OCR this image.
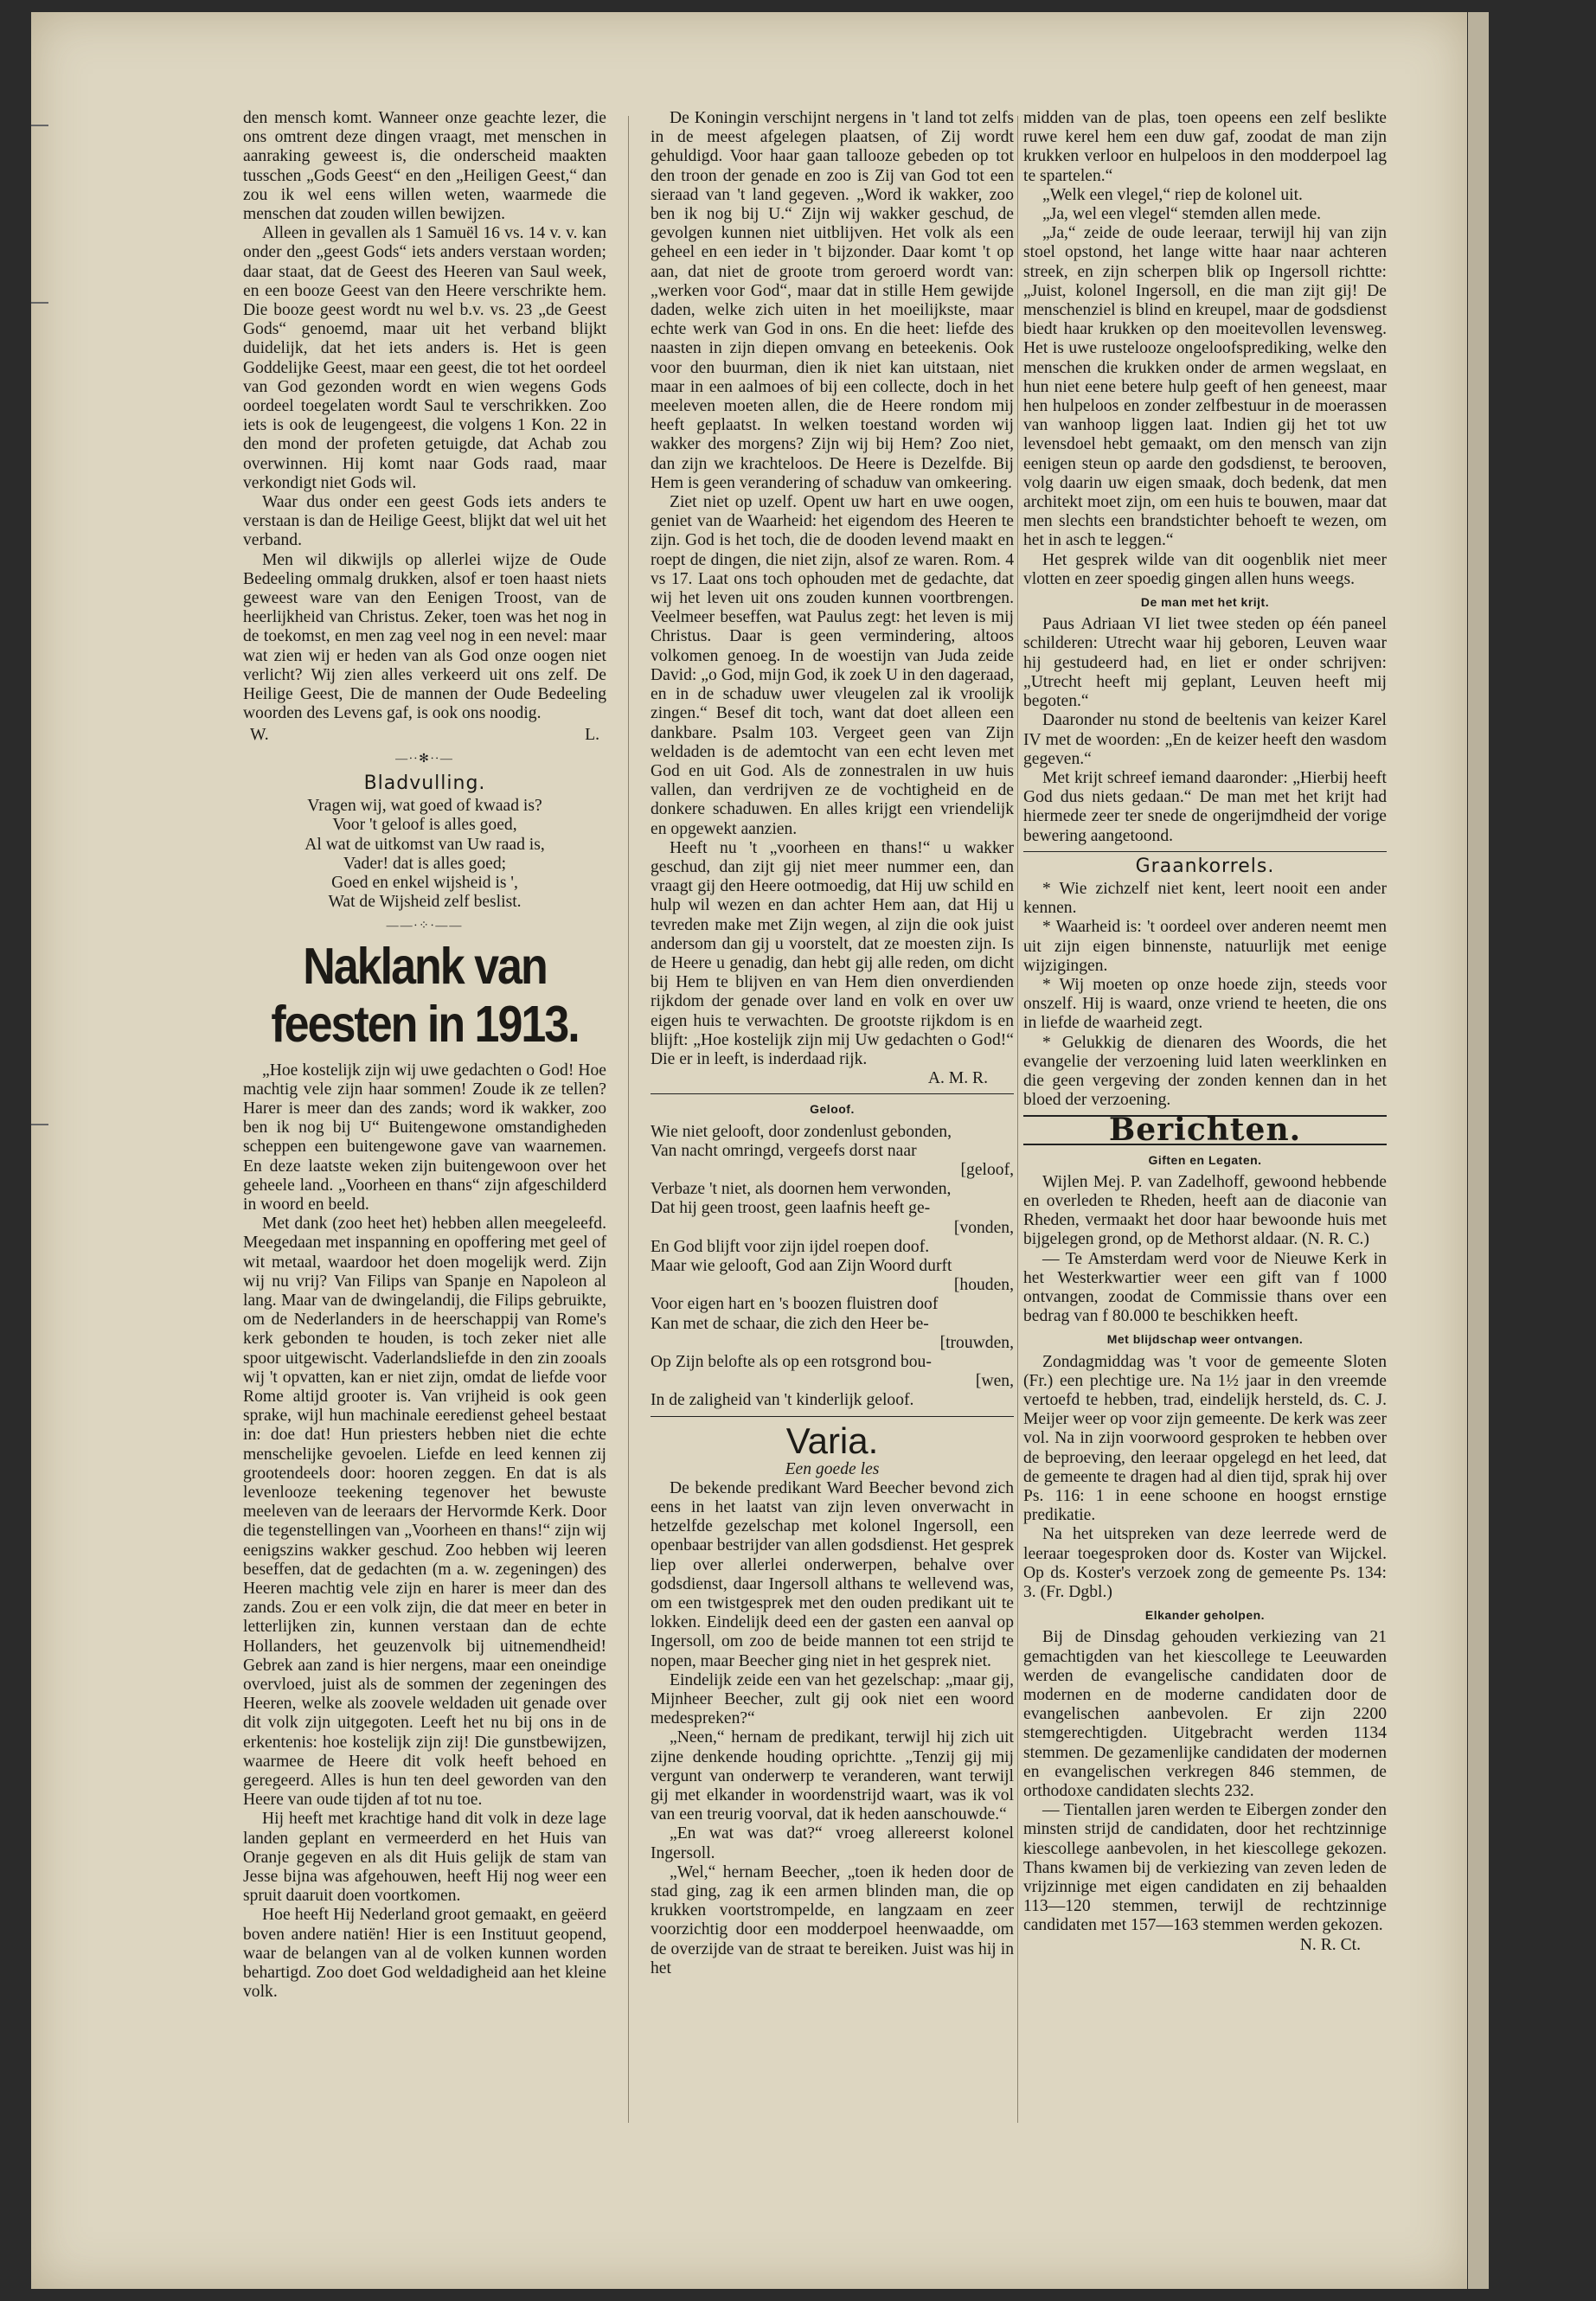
den mensch komt. Wanneer onze geachte lezer, die ons omtrent deze dingen vraagt, met menschen in aanraking geweest is, die onderscheid maakten tusschen „Gods Geest“ en den „Heiligen Geest,“ dan zou ik wel eens willen weten, waarmede die menschen dat zouden willen bewijzen.

Alleen in gevallen als 1 Samuël 16 vs. 14 v. v. kan onder den „geest Gods“ iets anders verstaan worden; daar staat, dat de Geest des Heeren van Saul week, en een booze Geest van den Heere verschrikte hem. Die booze geest wordt nu wel b.v. vs. 23 „de Geest Gods“ genoemd, maar uit het verband blijkt duidelijk, dat het iets anders is. Het is geen Goddelijke Geest, maar een geest, die tot het oordeel van God gezonden wordt en wien wegens Gods oordeel toegelaten wordt Saul te verschrikken. Zoo iets is ook de leugengeest, die volgens 1 Kon. 22 in den mond der profeten getuigde, dat Achab zou overwinnen. Hij komt naar Gods raad, maar verkondigt niet Gods wil.

Waar dus onder een geest Gods iets anders te verstaan is dan de Heilige Geest, blijkt dat wel uit het verband.

Men wil dikwijls op allerlei wijze de Oude Bedeeling ommalg drukken, alsof er toen haast niets geweest ware van den Eenigen Troost, van de heerlijkheid van Christus. Zeker, toen was het nog in de toekomst, en men zag veel nog in een nevel: maar wat zien wij er heden van als God onze oogen niet verlicht? Wij zien alles verkeerd uit ons zelf. De Heilige Geest, Die de mannen der Oude Bedeeling woorden des Levens gaf, is ook ons noodig.

W.	L.
—∙∙✻∙∙—
Bladvulling.
Vragen wij, wat goed of kwaad is?
Voor 't geloof is alles goed,
Al wat de uitkomst van Uw raad is,
Vader! dat is alles goed;
Goed en enkel wijsheid is ',
Wat de Wijsheid zelf beslist.
——∙⁘∙——
Naklank van feesten in 1913.

„Hoe kostelijk zijn wij uwe gedachten o God! Hoe machtig vele zijn haar sommen! Zoude ik ze tellen? Harer is meer dan des zands; word ik wakker, zoo ben ik nog bij U“ Buitengewone omstandigheden scheppen een buitengewone gave van waarnemen. En deze laatste weken zijn buitengewoon over het geheele land. „Voorheen en thans“ zijn afgeschilderd in woord en beeld.

Met dank (zoo heet het) hebben allen meegeleefd. Meegedaan met inspanning en opoffering met geel of wit metaal, waardoor het doen mogelijk werd. Zijn wij nu vrij? Van Filips van Spanje en Napoleon al lang. Maar van de dwingelandij, die Filips gebruikte, om de Nederlanders in de heerschappij van Rome's kerk gebonden te houden, is toch zeker niet alle spoor uitgewischt. Vaderlandsliefde in den zin zooals wij 't opvatten, kan er niet zijn, omdat de liefde voor Rome altijd grooter is. Van vrijheid is ook geen sprake, wijl hun machinale eeredienst geheel bestaat in: doe dat! Hun priesters hebben niet die echte menschelijke gevoelen. Liefde en leed kennen zij grootendeels door: hooren zeggen. En dat is als levenlooze teekening tegenover het bewuste meeleven van de leeraars der Hervormde Kerk. Door die tegenstellingen van „Voorheen en thans!“ zijn wij eenigszins wakker geschud. Zoo hebben wij leeren beseffen, dat de gedachten (m a. w. zegeningen) des Heeren machtig vele zijn en harer is meer dan des zands. Zou er een volk zijn, die dat meer en beter in letterlijken zin, kunnen verstaan dan de echte Hollanders, het geuzenvolk bij uitnemendheid! Gebrek aan zand is hier nergens, maar een oneindige overvloed, juist als de sommen der zegeningen des Heeren, welke als zoovele weldaden uit genade over dit volk zijn uitgegoten. Leeft het nu bij ons in de erkentenis: hoe kostelijk zijn zij! Die gunstbewijzen, waarmee de Heere dit volk heeft behoed en geregeerd. Alles is hun ten deel geworden van den Heere van oude tijden af tot nu toe.

Hij heeft met krachtige hand dit volk in deze lage landen geplant en vermeerderd en het Huis van Oranje gegeven en als dit Huis gelijk de stam van Jesse bijna was afgehouwen, heeft Hij nog weer een spruit daaruit doen voortkomen.

Hoe heeft Hij Nederland groot gemaakt, en geëerd boven andere natiën! Hier is een Instituut geopend, waar de belangen van al de volken kunnen worden behartigd. Zoo doet God weldadigheid aan het kleine volk.

De Koningin verschijnt nergens in 't land tot zelfs in de meest afgelegen plaatsen, of Zij wordt gehuldigd. Voor haar gaan tallooze gebeden op tot den troon der genade en zoo is Zij van God tot een sieraad van 't land gegeven. „Word ik wakker, zoo ben ik nog bij U.“ Zijn wij wakker geschud, de gevolgen kunnen niet uitblijven. Het volk als een geheel en een ieder in 't bijzonder. Daar komt 't op aan, dat niet de groote trom geroerd wordt van: „werken voor God“, maar dat in stille Hem gewijde daden, welke zich uiten in het moeilijkste, maar echte werk van God in ons. En die heet: liefde des naasten in zijn diepen omvang en beteekenis. Ook voor den buurman, dien ik niet kan uitstaan, niet maar in een aalmoes of bij een collecte, doch in het meeleven moeten allen, die de Heere rondom mij heeft geplaatst. In welken toestand worden wij wakker des morgens? Zijn wij bij Hem? Zoo niet, dan zijn we krachteloos. De Heere is Dezelfde. Bij Hem is geen verandering of schaduw van omkeering.

Ziet niet op uzelf. Opent uw hart en uwe oogen, geniet van de Waarheid: het eigendom des Heeren te zijn. God is het toch, die de dooden levend maakt en roept de dingen, die niet zijn, alsof ze waren. Rom. 4 vs 17. Laat ons toch ophouden met de gedachte, dat wij het leven uit ons zouden kunnen voortbrengen. Veelmeer beseffen, wat Paulus zegt: het leven is mij Christus. Daar is geen vermindering, altoos volkomen genoeg. In de woestijn van Juda zeide David: „o God, mijn God, ik zoek U in den dageraad, en in de schaduw uwer vleugelen zal ik vroolijk zingen.“ Besef dit toch, want dat doet alleen een dankbare. Psalm 103. Vergeet geen van Zijn weldaden is de ademtocht van een echt leven met God en uit God. Als de zonnestralen in uw huis vallen, dan verdrijven ze de vochtigheid en de donkere schaduwen. En alles krijgt een vriendelijk en opgewekt aanzien.

Heeft nu 't „voorheen en thans!“ u wakker geschud, dan zijt gij niet meer nummer een, dan vraagt gij den Heere ootmoedig, dat Hij uw schild en hulp wil wezen en dan achter Hem aan, dat Hij u tevreden make met Zijn wegen, al zijn die ook juist andersom dan gij u voorstelt, dat ze moesten zijn. Is de Heere u genadig, dan hebt gij alle reden, om dicht bij Hem te blijven en van Hem dien onverdienden rijkdom der genade over land en volk en over uw eigen huis te verwachten. De grootste rijkdom is en blijft: „Hoe kostelijk zijn mij Uw gedachten o God!“ Die er in leeft, is inderdaad rijk.

A. M. R.
Geloof.
Wie niet gelooft, door zondenlust gebonden,
Van nacht omringd, vergeefs dorst naar
[geloof,
Verbaze 't niet, als doornen hem verwonden,
Dat hij geen troost, geen laafnis heeft ge-
[vonden,
En God blijft voor zijn ijdel roepen doof.
Maar wie gelooft, God aan Zijn Woord durft
[houden,
Voor eigen hart en 's boozen fluistren doof
Kan met de schaar, die zich den Heer be-
[trouwden,
Op Zijn belofte als op een rotsgrond bou-
[wen,
In de zaligheid van 't kinderlijk geloof.
Varia.

Een goede les

De bekende predikant Ward Beecher bevond zich eens in het laatst van zijn leven onverwacht in hetzelfde gezelschap met kolonel Ingersoll, een openbaar bestrijder van allen godsdienst. Het gesprek liep over allerlei onderwerpen, behalve over godsdienst, daar Ingersoll althans te wellevend was, om een twistgesprek met den ouden predikant uit te lokken. Eindelijk deed een der gasten een aanval op Ingersoll, om zoo de beide mannen tot een strijd te nopen, maar Beecher ging niet in het gesprek niet.

Eindelijk zeide een van het gezelschap: „maar gij, Mijnheer Beecher, zult gij ook niet een woord medespreken?“

„Neen,“ hernam de predikant, terwijl hij zich uit zijne denkende houding oprichtte. „Tenzij gij mij vergunt van onderwerp te veranderen, want terwijl gij met elkander in woordenstrijd waart, was ik vol van een treurig voorval, dat ik heden aanschouwde.“

„En wat was dat?“ vroeg allereerst kolonel Ingersoll.

„Wel,“ hernam Beecher, „toen ik heden door de stad ging, zag ik een armen blinden man, die op krukken voortstrompelde, en langzaam en zeer voorzichtig door een modderpoel heenwaadde, om de overzijde van de straat te bereiken. Juist was hij in het

midden van de plas, toen opeens een zelf beslikte ruwe kerel hem een duw gaf, zoodat de man zijn krukken verloor en hulpeloos in den modderpoel lag te spartelen.“

„Welk een vlegel,“ riep de kolonel uit.

„Ja, wel een vlegel“ stemden allen mede.

„Ja,“ zeide de oude leeraar, terwijl hij van zijn stoel opstond, het lange witte haar naar achteren streek, en zijn scherpen blik op Ingersoll richtte: „Juist, kolonel Ingersoll, en die man zijt gij! De menschenziel is blind en kreupel, maar de godsdienst biedt haar krukken op den moeitevollen levensweg. Het is uwe rustelooze ongeloofsprediking, welke den menschen die krukken onder de armen wegslaat, en hun niet eene betere hulp geeft of hen geneest, maar hen hulpeloos en zonder zelfbestuur in de moerassen van wanhoop liggen laat. Indien gij het tot uw levensdoel hebt gemaakt, om den mensch van zijn eenigen steun op aarde den godsdienst, te berooven, volg daarin uw eigen smaak, doch bedenk, dat men architekt moet zijn, om een huis te bouwen, maar dat men slechts een brandstichter behoeft te wezen, om het in asch te leggen.“

Het gesprek wilde van dit oogenblik niet meer vlotten en zeer spoedig gingen allen huns weegs.

De man met het krijt.

Paus Adriaan VI liet twee steden op één paneel schilderen: Utrecht waar hij geboren, Leuven waar hij gestudeerd had, en liet er onder schrijven: „Utrecht heeft mij geplant, Leuven heeft mij begoten.“

Daaronder nu stond de beeltenis van keizer Karel IV met de woorden: „En de keizer heeft den wasdom gegeven.“

Met krijt schreef iemand daaronder: „Hierbij heeft God dus niets gedaan.“ De man met het krijt had hiermede zeer ter snede de ongerijmdheid der vorige bewering aangetoond.

Graankorrels.

* Wie zichzelf niet kent, leert nooit een ander kennen.

* Waarheid is: 't oordeel over anderen neemt men uit zijn eigen binnenste, natuurlijk met eenige wijzigingen.

* Wij moeten op onze hoede zijn, steeds voor onszelf. Hij is waard, onze vriend te heeten, die ons in liefde de waarheid zegt.

* Gelukkig de dienaren des Woords, die het evangelie der verzoening luid laten weerklinken en die geen vergeving der zonden kennen dan in het bloed der verzoening.

Berichten.
Giften en Legaten.

Wijlen Mej. P. van Zadelhoff, gewoond hebbende en overleden te Rheden, heeft aan de diaconie van Rheden, vermaakt het door haar bewoonde huis met bijgelegen grond, op de Methorst aldaar. (N. R. C.)

— Te Amsterdam werd voor de Nieuwe Kerk in het Westerkwartier weer een gift van f 1000 ontvangen, zoodat de Commissie thans over een bedrag van f 80.000 te beschikken heeft.

Met blijdschap weer ontvangen.

Zondagmiddag was 't voor de gemeente Sloten (Fr.) een plechtige ure. Na 1½ jaar in den vreemde vertoefd te hebben, trad, eindelijk hersteld, ds. C. J. Meijer weer op voor zijn gemeente. De kerk was zeer vol. Na in zijn voorwoord gesproken te hebben over de beproeving, den leeraar opgelegd en het leed, dat de gemeente te dragen had al dien tijd, sprak hij over Ps. 116: 1 in eene schoone en hoogst ernstige predikatie.

Na het uitspreken van deze leerrede werd de leeraar toegesproken door ds. Koster van Wijckel. Op ds. Koster's verzoek zong de gemeente Ps. 134: 3. (Fr. Dgbl.)

Elkander geholpen.

Bij de Dinsdag gehouden verkiezing van 21 gemachtigden van het kiescollege te Leeuwarden werden de evangelische candidaten door de modernen en de moderne candidaten door de evangelischen aanbevolen. Er zijn 2200 stemgerechtigden. Uitgebracht werden 1134 stemmen. De gezamenlijke candidaten der modernen en evangelischen verkregen 846 stemmen, de orthodoxe candidaten slechts 232.

— Tientallen jaren werden te Eibergen zonder den minsten strijd de candidaten, door het rechtzinnige kiescollege aanbevolen, in het kiescollege gekozen. Thans kwamen bij de verkiezing van zeven leden de vrijzinnige met eigen candidaten en zij behaalden 113—120 stemmen, terwijl de rechtzinnige candidaten met 157—163 stemmen werden gekozen.

N. R. Ct.
